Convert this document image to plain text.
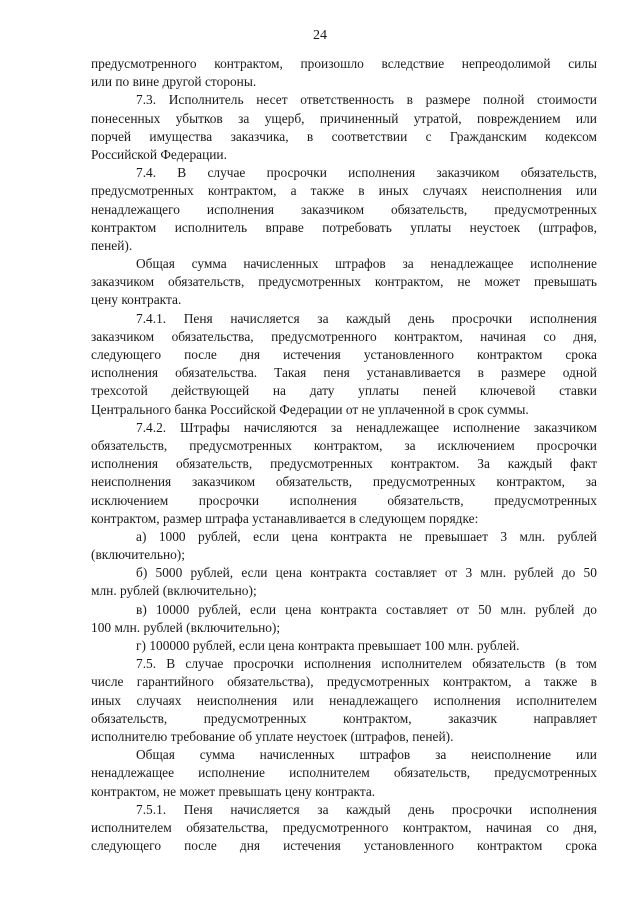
24
предусмотренного контрактом, произошло вследствие непреодолимой силы
или по вине другой стороны.
7.3. Исполнитель несет ответственность в размере полной стоимости
понесенных убытков за ущерб, причиненный утратой, повреждением или
порчей имущества заказчика, в соответствии с Гражданским кодексом
Российской Федерации.
7.4. В случае просрочки исполнения заказчиком обязательств,
предусмотренных контрактом, а также в иных случаях неисполнения или
ненадлежащего исполнения заказчиком обязательств, предусмотренных
контрактом исполнитель вправе потребовать уплаты неустоек (штрафов,
пеней).
Общая сумма начисленных штрафов за ненадлежащее исполнение
заказчиком обязательств, предусмотренных контрактом, не может превышать
цену контракта.
7.4.1. Пеня начисляется за каждый день просрочки исполнения
заказчиком обязательства, предусмотренного контрактом, начиная со дня,
следующего после дня истечения установленного контрактом срока
исполнения обязательства. Такая пеня устанавливается в размере одной
трехсотой действующей на дату уплаты пеней ключевой ставки
Центрального банка Российской Федерации от не уплаченной в срок суммы.
7.4.2. Штрафы начисляются за ненадлежащее исполнение заказчиком
обязательств, предусмотренных контрактом, за исключением просрочки
исполнения обязательств, предусмотренных контрактом. За каждый факт
неисполнения заказчиком обязательств, предусмотренных контрактом, за
исключением просрочки исполнения обязательств, предусмотренных
контрактом, размер штрафа устанавливается в следующем порядке:
а) 1000 рублей, если цена контракта не превышает 3 млн. рублей
(включительно);
б) 5000 рублей, если цена контракта составляет от 3 млн. рублей до 50
млн. рублей (включительно);
в) 10000 рублей, если цена контракта составляет от 50 млн. рублей до
100 млн. рублей (включительно);
г) 100000 рублей, если цена контракта превышает 100 млн. рублей.
7.5. В случае просрочки исполнения исполнителем обязательств (в том
числе гарантийного обязательства), предусмотренных контрактом, а также в
иных случаях неисполнения или ненадлежащего исполнения исполнителем
обязательств,	предусмотренных	контрактом,	заказчик	направляет
исполнителю требование об уплате неустоек (штрафов, пеней).
Общая сумма начисленных штрафов за неисполнение или
ненадлежащее исполнение исполнителем обязательств, предусмотренных
контрактом, не может превышать цену контракта.
7.5.1. Пеня начисляется за каждый день просрочки исполнения
исполнителем обязательства, предусмотренного контрактом, начиная со дня,
следующего после дня истечения установленного контрактом срока
